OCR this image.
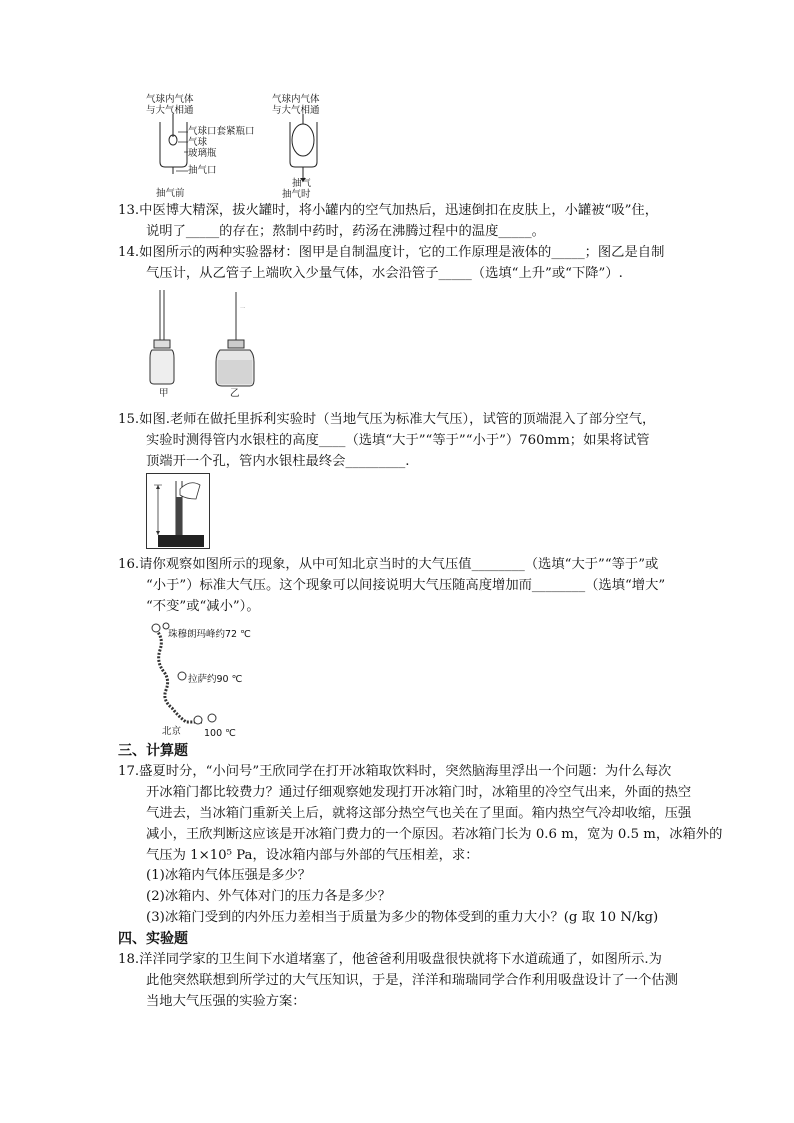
气球内气体
与大气相通
气球内气体
与大气相通
气球口套紧瓶口
气球
玻璃瓶
抽气口
抽气前
抽气
抽气时
13.中医博大精深，拔火罐时，将小罐内的空气加热后，迅速倒扣在皮肤上，小罐被“吸”住，
说明了_____的存在；熬制中药时，药汤在沸腾过程中的温度_____。
14.如图所示的两种实验器材：图甲是自制温度计，它的工作原理是液体的_____；图乙是自制
气压计，从乙管子上端吹入少量气体，水会沿管子_____（选填“上升”或“下降”）.
一
甲	乙
15.如图.老师在做托里拆利实验时（当地气压为标准大气压），试管的顶端混入了部分空气，
实验时测得管内水银柱的高度____（选填“大于”“等于”“小于”）760mm；如果将试管
顶端开一个孔，管内水银柱最终会_________.
16.请你观察如图所示的现象，从中可知北京当时的大气压值________（选填“大于”“等于”或
“小于”）标准大气压。这个现象可以间接说明大气压随高度增加而________（选填“增大”
“不变”或“减小”）。
珠穆朗玛峰约72 ℃
拉萨约90 ℃
北京 100 ℃
三、计算题
17.盛夏时分，“小问号”王欣同学在打开冰箱取饮料时，突然脑海里浮出一个问题：为什么每次
开冰箱门都比较费力？通过仔细观察她发现打开冰箱门时，冰箱里的冷空气出来，外面的热空
气进去，当冰箱门重新关上后，就将这部分热空气也关在了里面。箱内热空气冷却收缩，压强
减小，王欣判断这应该是开冰箱门费力的一个原因。若冰箱门长为 0.6 m，宽为 0.5 m，冰箱外的
气压为 1×10⁵ Pa，设冰箱内部与外部的气压相差，求：
(1)冰箱内气体压强是多少？
(2)冰箱内、外气体对门的压力各是多少？
(3)冰箱门受到的内外压力差相当于质量为多少的物体受到的重力大小？(g 取 10 N/kg)
四、实验题
18.洋洋同学家的卫生间下水道堵塞了，他爸爸利用吸盘很快就将下水道疏通了，如图所示.为
此他突然联想到所学过的大气压知识，于是，洋洋和瑞瑞同学合作利用吸盘设计了一个估测
当地大气压强的实验方案：
